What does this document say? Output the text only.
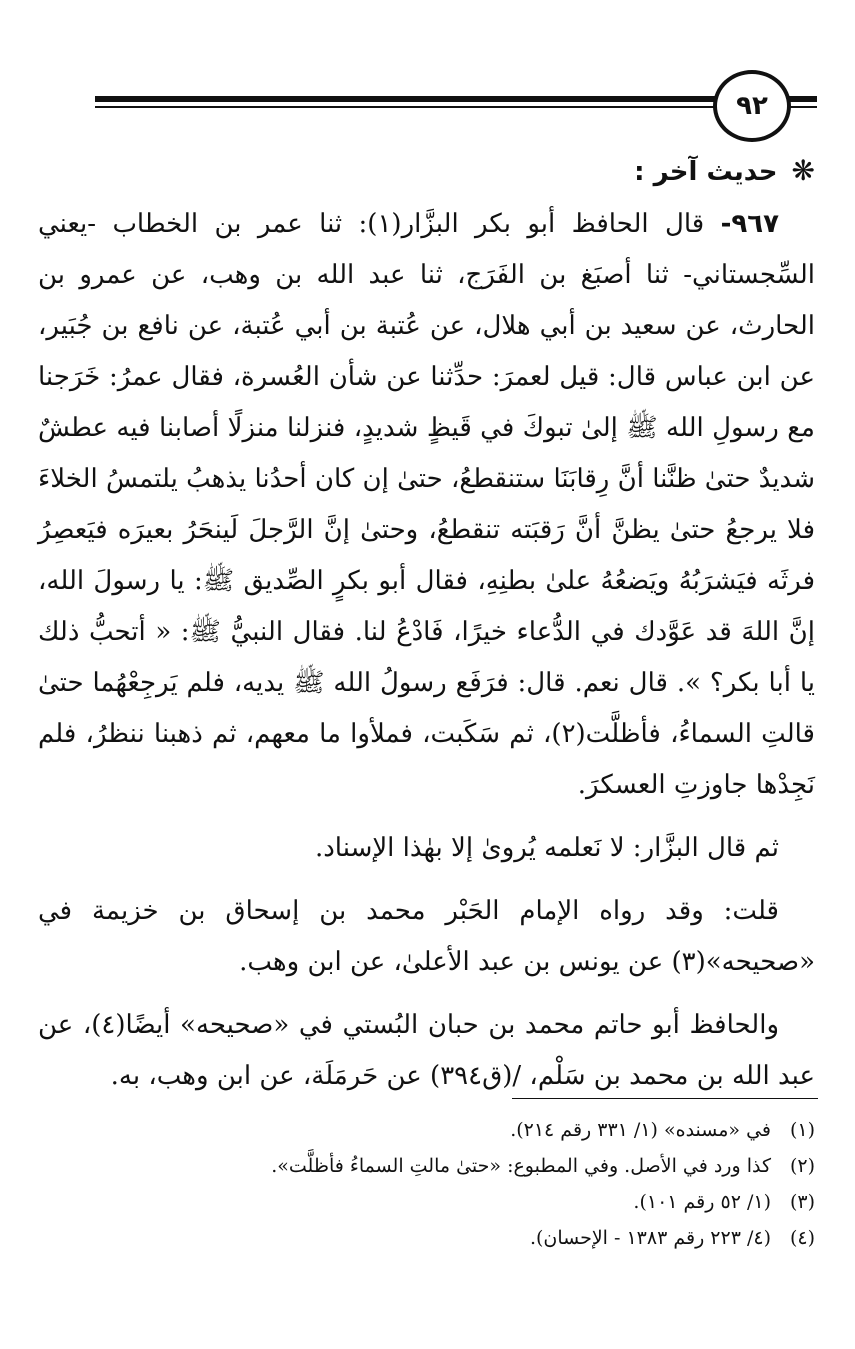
٩٢
❋حديث آخر :

٩٦٧- قال الحافظ أبو بكر البزَّار(١): ثنا عمر بن الخطاب -يعني السِّجستاني- ثنا أصبَغ بن الفَرَج، ثنا عبد الله بن وهب، عن عمرو بن الحارث، عن سعيد بن أبي هلال، عن عُتبة بن أبي عُتبة، عن نافع بن جُبَير، عن ابن عباس قال: قيل لعمرَ: حدِّثنا عن شأن العُسرة، فقال عمرُ: خَرَجنا مع رسولِ الله ﷺ إلىٰ تبوكَ في قَيظٍ شديدٍ، فنزلنا منزلًا أصابنا فيه عطشٌ شديدٌ حتىٰ ظنَّنا أنَّ رِقابَنَا ستنقطعُ، حتىٰ إن كان أحدُنا يذهبُ يلتمسُ الخلاءَ فلا يرجعُ حتىٰ يظنَّ أنَّ رَقبَته تنقطعُ، وحتىٰ إنَّ الرَّجلَ لَينحَرُ بعيرَه فيَعصِرُ فرثَه فيَشرَبُهُ ويَضعُهُ علىٰ بطنِهِ، فقال أبو بكرٍ الصِّديق ﷺ: يا رسولَ الله، إنَّ اللهَ قد عَوَّدك في الدُّعاء خيرًا، فَادْعُ لنا. فقال النبيُّ ﷺ: « أتحبُّ ذلك يا أبا بكر؟ ». قال نعم. قال: فرَفَع رسولُ الله ﷺ يديه، فلم يَرجِعْهُما حتىٰ قالتِ السماءُ، فأظلَّت(٢)، ثم سَكَبت، فملأوا ما معهم، ثم ذهبنا ننظرُ، فلم نَجِدْها جاوزتِ العسكرَ.

ثم قال البزَّار: لا نَعلمه يُروىٰ إلا بهٰذا الإسناد.

قلت: وقد رواه الإمام الحَبْر محمد بن إسحاق بن خزيمة في «صحيحه»(٣) عن يونس بن عبد الأعلىٰ، عن ابن وهب.

والحافظ أبو حاتم محمد بن حبان البُستي في «صحيحه» أيضًا(٤)، عن عبد الله بن محمد بن سَلْم، /(ق٣٩٤) عن حَرمَلَة، عن ابن وهب، به.

(١)في «مسنده» (١/ ٣٣١ رقم ٢١٤).
(٢)كذا ورد في الأصل. وفي المطبوع: «حتىٰ مالتِ السماءُ فأظلَّت».
(٣)(١/ ٥٢ رقم ١٠١).
(٤)(٤/ ٢٢٣ رقم ١٣٨٣ - الإحسان).
